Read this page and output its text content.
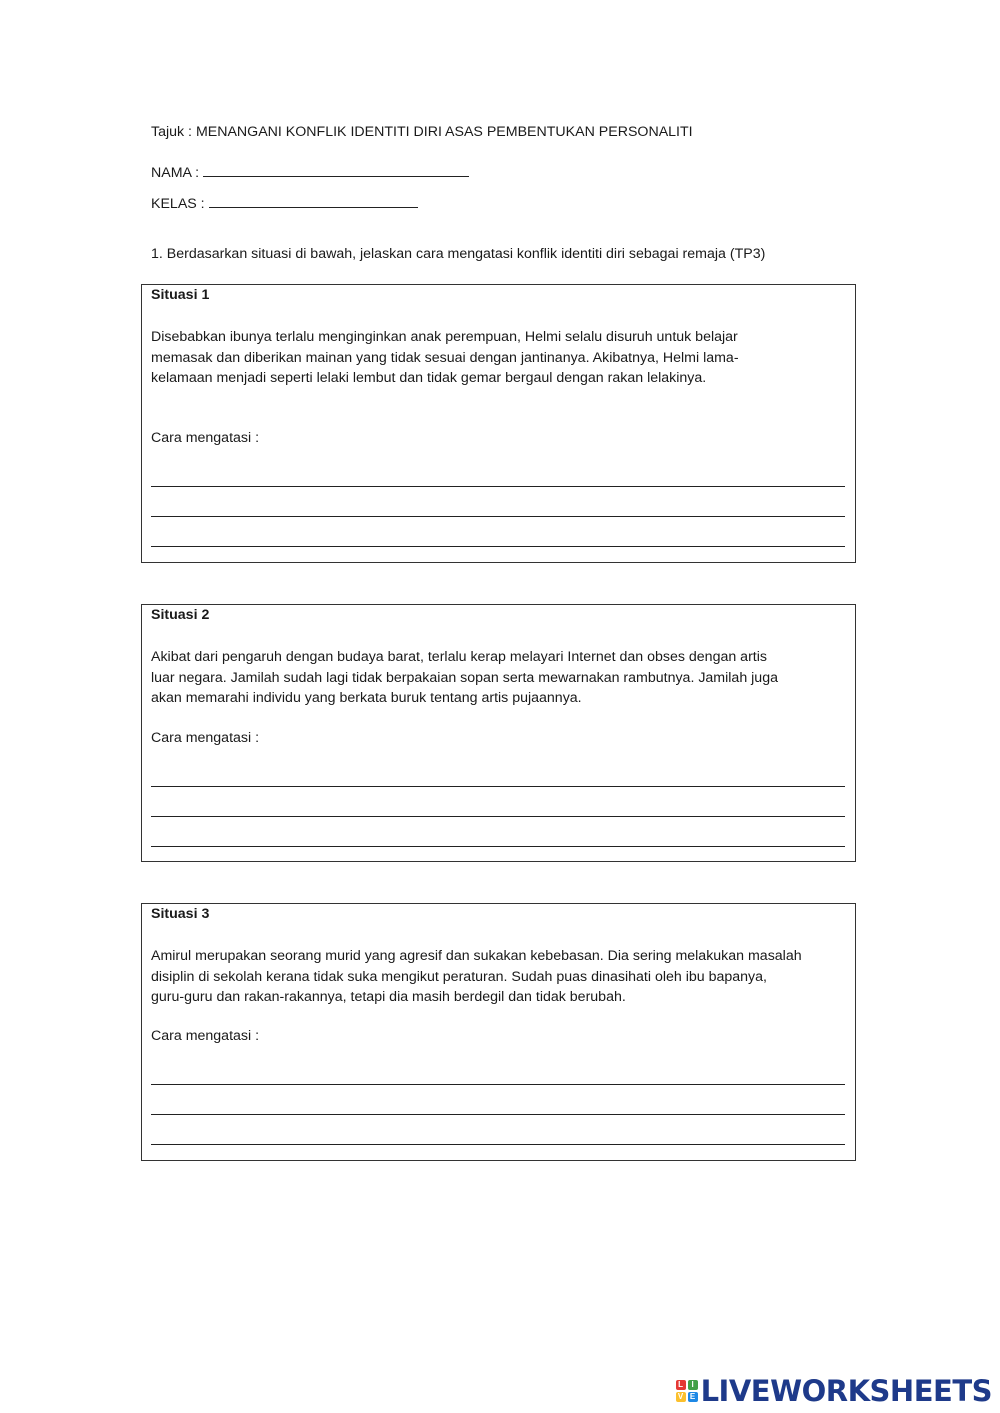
Tajuk : MENANGANI KONFLIK IDENTITI DIRI ASAS PEMBENTUKAN PERSONALITI
NAMA :
KELAS :
1. Berdasarkan situasi di bawah, jelaskan cara mengatasi konflik identiti diri sebagai remaja (TP3)
Situasi 1
Disebabkan ibunya terlalu menginginkan anak perempuan, Helmi selalu disuruh untuk belajar
memasak dan diberikan mainan yang tidak sesuai dengan jantinanya. Akibatnya, Helmi lama-
kelamaan menjadi seperti lelaki lembut dan tidak gemar bergaul dengan rakan lelakinya.
Cara mengatasi :
Situasi 2
Akibat dari pengaruh dengan budaya barat, terlalu kerap melayari Internet dan obses dengan artis
luar negara. Jamilah sudah lagi tidak berpakaian sopan serta mewarnakan rambutnya. Jamilah juga
akan memarahi individu yang berkata buruk tentang artis pujaannya.
Cara mengatasi :
Situasi 3
Amirul merupakan seorang murid yang agresif dan sukakan kebebasan. Dia sering melakukan masalah
disiplin di sekolah kerana tidak suka mengikut peraturan. Sudah puas dinasihati oleh ibu bapanya,
guru-guru dan rakan-rakannya, tetapi dia masih berdegil dan tidak berubah.
Cara mengatasi :
L	I
V E LIVEWORKSHEETS
